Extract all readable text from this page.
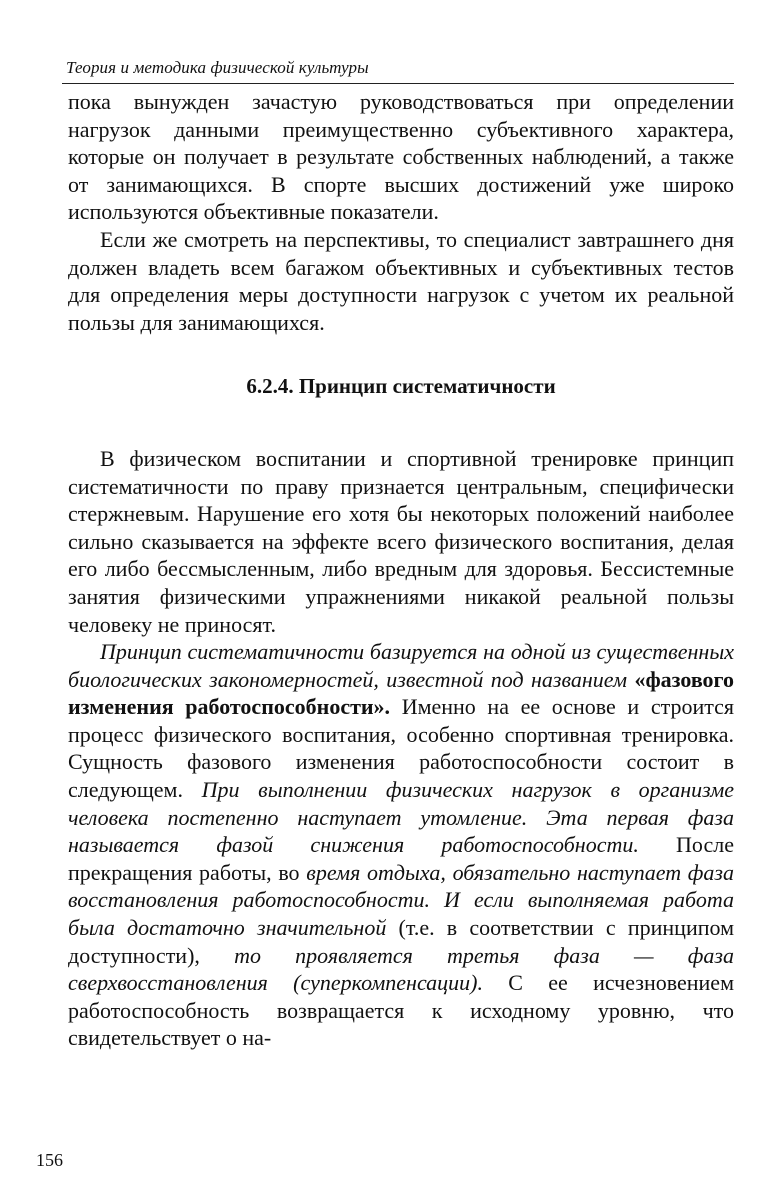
Теория и методика физической культуры

пока вынужден зачастую руководствоваться при определении нагрузок данными преимущественно субъективного характера, которые он получает в результате собственных наблюдений, а также от занимающихся. В спорте высших достижений уже широко используются объективные показатели.

Если же смотреть на перспективы, то специалист завтрашнего дня должен владеть всем багажом объективных и субъективных тестов для определения меры доступности нагрузок с учетом их реальной пользы для занимающихся.

6.2.4. Принцип систематичности

В физическом воспитании и спортивной тренировке принцип систематичности по праву признается центральным, специфически стержневым. Нарушение его хотя бы некоторых положений наиболее сильно сказывается на эффекте всего физического воспитания, делая его либо бессмысленным, либо вредным для здоровья. Бессистемные занятия физическими упражнениями никакой реальной пользы человеку не приносят.

Принцип систематичности базируется на одной из существенных биологических закономерностей, известной под названием «фазового изменения работоспособности». Именно на ее основе и строится процесс физического воспитания, особенно спортивная тренировка. Сущность фазового изменения работоспособности состоит в следующем. При выполнении физических нагрузок в организме человека постепенно наступает утомление. Эта первая фаза называется фазой снижения работоспособности. После прекращения работы, во время отдыха, обязательно наступает фаза восстановления работоспособности. И если выполняемая работа была достаточно значительной (т.е. в соответствии с принципом доступности), то проявляется третья фаза — фаза сверхвосстановления (суперкомпенсации). С ее исчезновением работоспособность возвращается к исходному уровню, что свидетельствует о на-

156
